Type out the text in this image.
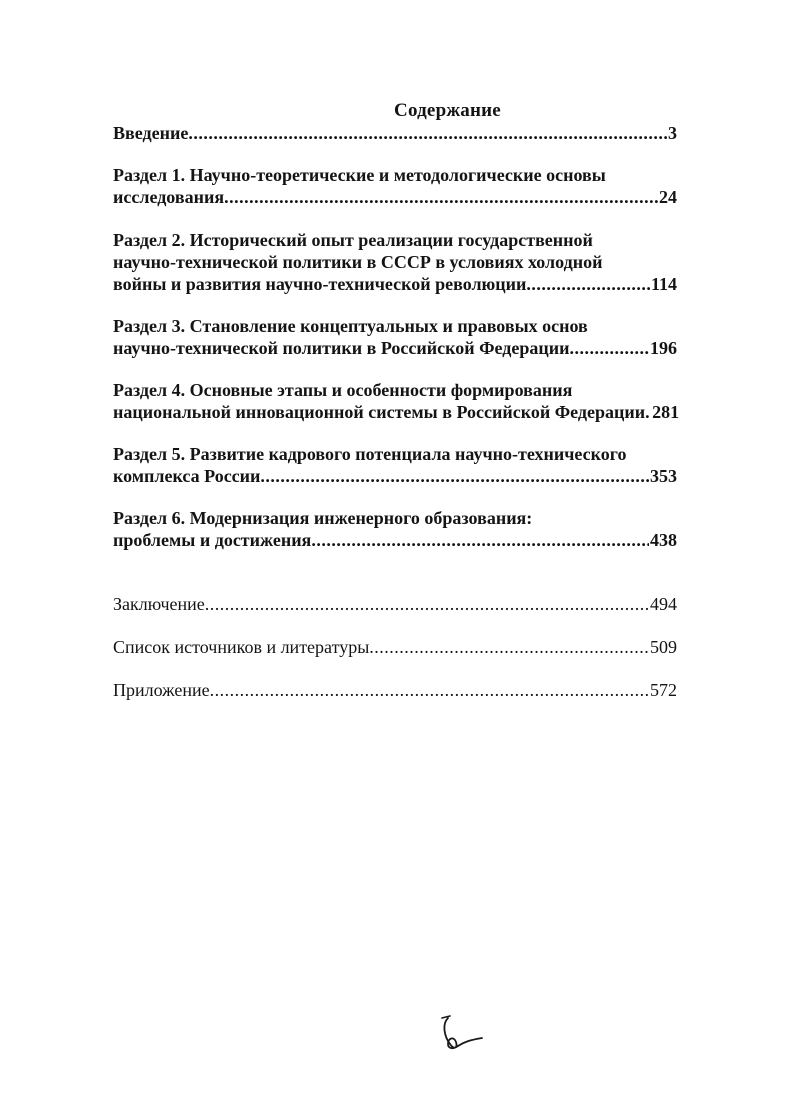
Содержание
Введение .....	3
Раздел 1. Научно-теоретические и методологические основы
исследования .....	24
Раздел 2. Исторический опыт реализации государственной
научно-технической политики в СССР в условиях холодной
войны и развития научно-технической революции .....	114
Раздел 3. Становление концептуальных и правовых основ
научно-технической политики в Российской Федерации .....	196
Раздел 4. Основные этапы и особенности формирования
национальной инновационной системы в Российской Федерации ..... 281
Раздел 5. Развитие кадрового потенциала научно-технического
комплекса России .....	353
Раздел 6. Модернизация инженерного образования:
проблемы и достижения .....	438
Заключение .....	494
Список источников и литературы .....	509
Приложение .....	572
